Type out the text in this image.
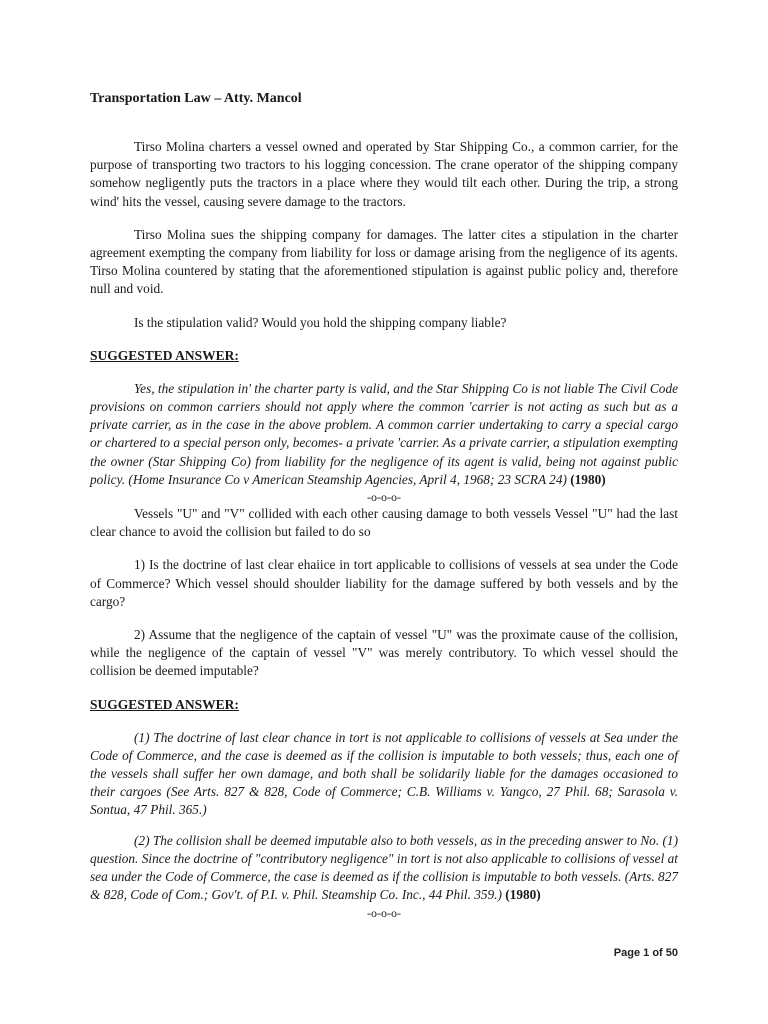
Transportation Law – Atty. Mancol

Tirso Molina charters a vessel owned and operated by Star Shipping Co., a common carrier, for the purpose of transporting two tractors to his logging concession. The crane operator of the shipping company somehow negligently puts the tractors in a place where they would tilt each other. During the trip, a strong wind' hits the vessel, causing severe damage to the tractors.

Tirso Molina sues the shipping company for damages. The latter cites a stipulation in the charter agreement exempting the company from liability for loss or damage arising from the negligence of its agents. Tirso Molina countered by stating that the aforementioned stipulation is against public policy and, therefore null and void.

Is the stipulation valid? Would you hold the shipping company liable?

SUGGESTED ANSWER:

Yes, the stipulation in' the charter party is valid, and the Star Shipping Co is not liable The Civil Code provisions on common carriers should not apply where the common 'carrier is not acting as such but as a private carrier, as in the case in the above problem. A common carrier undertaking to carry a special cargo or chartered to a special person only, becomes- a private 'carrier. As a private carrier, a stipulation exempting the owner (Star Shipping Co) from liability for the negligence of its agent is valid, being not against public policy. (Home Insurance Co v American Steamship Agencies, April 4, 1968; 23 SCRA 24) (1980)

-o-o-o-

Vessels "U" and "V" collided with each other causing damage to both vessels Vessel "U" had the last clear chance to avoid the collision but failed to do so

1) Is the doctrine of last clear ehaiice in tort applicable to collisions of vessels at sea under the Code of Commerce? Which vessel should shoulder liability for the damage suffered by both vessels and by the cargo?

2) Assume that the negligence of the captain of vessel "U" was the proximate cause of the collision, while the negligence of the captain of vessel "V" was merely contributory. To which vessel should the collision be deemed imputable?

SUGGESTED ANSWER:

(1) The doctrine of last clear chance in tort is not applicable to collisions of vessels at Sea under the Code of Commerce, and the case is deemed as if the collision is imputable to both vessels; thus, each one of the vessels shall suffer her own damage, and both shall be solidarily liable for the damages occasioned to their cargoes (See Arts. 827 & 828, Code of Commerce; C.B. Williams v. Yangco, 27 Phil. 68; Sarasola v. Sontua, 47 Phil. 365.)

(2) The collision shall be deemed imputable also to both vessels, as in the preceding answer to No. (1) question. Since the doctrine of "contributory negligence" in tort is not also applicable to collisions of vessel at sea under the Code of Commerce, the case is deemed as if the collision is imputable to both vessels. (Arts. 827 & 828, Code of Com.; Gov't. of P.I. v. Phil. Steamship Co. Inc., 44 Phil. 359.) (1980)

-o-o-o-
Page 1 of 50
